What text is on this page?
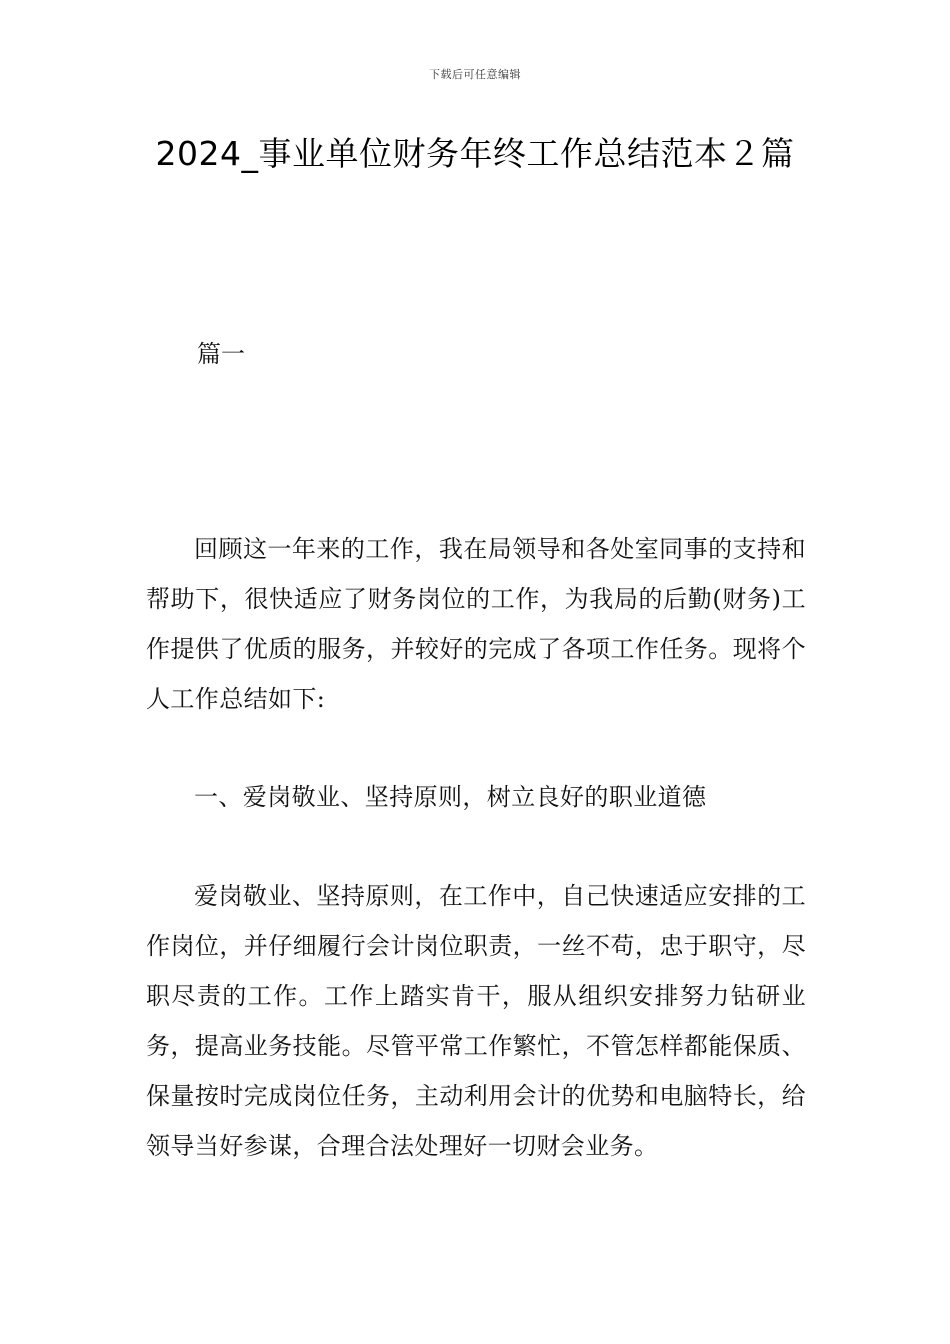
下载后可任意编辑
2024_事业单位财务年终工作总结范本２篇
篇一

回顾这一年来的工作，我在局领导和各处室同事的支持和帮助下，很快适应了财务岗位的工作，为我局的后勤(财务)工作提供了优质的服务，并较好的完成了各项工作任务。现将个人工作总结如下:

一、爱岗敬业、坚持原则，树立良好的职业道德

爱岗敬业、坚持原则，在工作中，自己快速适应安排的工作岗位，并仔细履行会计岗位职责，一丝不苟，忠于职守，尽职尽责的工作。工作上踏实肯干，服从组织安排努力钻研业务，提高业务技能。尽管平常工作繁忙，不管怎样都能保质、保量按时完成岗位任务，主动利用会计的优势和电脑特长，给领导当好参谋，合理合法处理好一切财会业务。
